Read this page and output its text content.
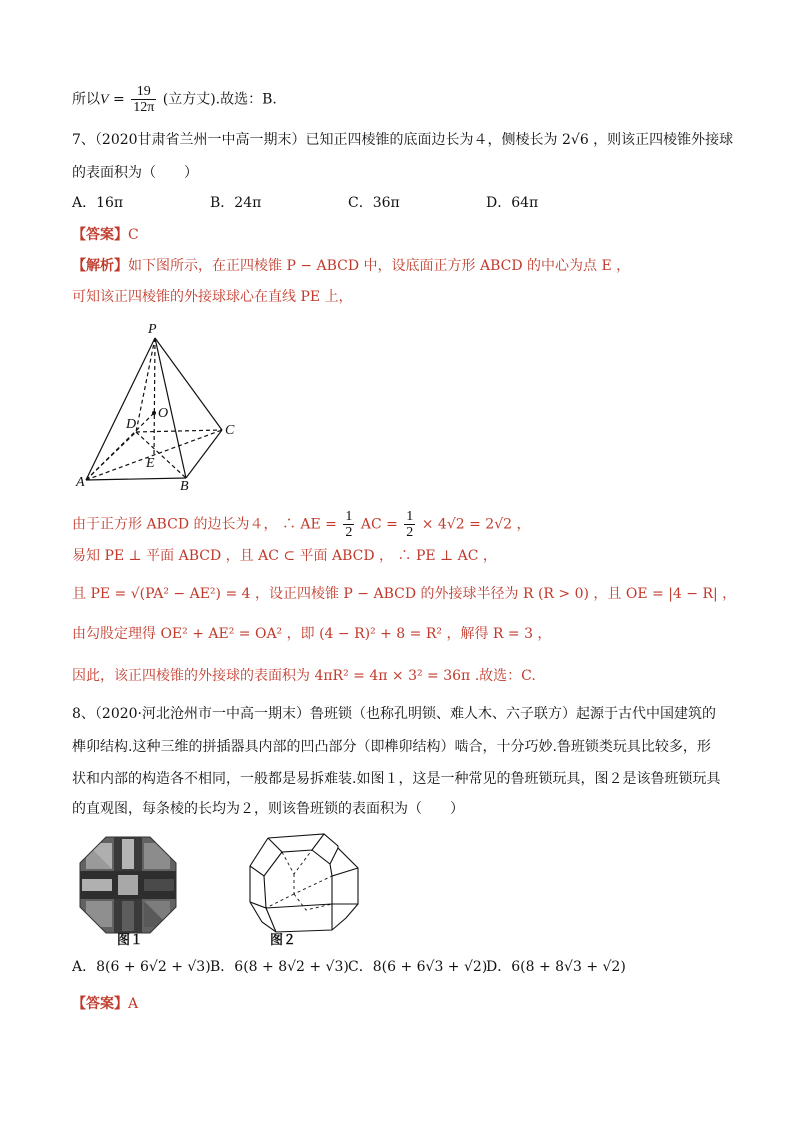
所以$V = \frac{19}{12\pi}$ (立方丈).故选：B.
7、（2020甘肃省兰州一中高一期末）已知正四棱锥的底面边长为４，侧棱长为 2√6 ，则该正四棱锥外接球
的表面积为（　　）
A．16π	B．24π	C．36π	D．64π
【答案】C
【解析】如下图所示，在正四棱锥 P − ABCD 中，设底面正方形 ABCD 的中心为点 E ，
可知该正四棱锥的外接球球心在直线 PE 上，
P
O
D	C
E
A	B
由于正方形 ABCD 的边长为４， ∴ AE = $\frac{1}{2}$ AC = $\frac{1}{2} \times 4√2 = 2√2$ ，
易知 PE ⊥ 平面 ABCD ，且 AC ⊂ 平面 ABCD ， ∴ PE ⊥ AC ，
且 PE = √(PA² − AE²) = 4 ，设正四棱锥 P − ABCD 的外接球半径为 R (R > 0) ，且 OE = |4 − R| ，
由勾股定理得 OE² + AE² = OA² ，即 (4 − R)² + 8 = R² ，解得 R = 3 ，
因此，该正四棱锥的外接球的表面积为 4πR² = 4π × 3² = 36π .故选：C.
8、（2020·河北沧州市一中高一期末）鲁班锁（也称孔明锁、难人木、六子联方）起源于古代中国建筑的
榫卯结构.这种三维的拼插器具内部的凹凸部分（即榫卯结构）啮合，十分巧妙.鲁班锁类玩具比较多，形
状和内部的构造各不相同，一般都是易拆难装.如图１，这是一种常见的鲁班锁玩具，图２是该鲁班锁玩具
的直观图，每条棱的长均为２，则该鲁班锁的表面积为（　　）
图１	图２
A．8(6 + 6√2 + √3) B．6(8 + 8√2 + √3) C．8(6 + 6√3 + √2)
D．6(8 + 8√3 + √2)
【答案】A
